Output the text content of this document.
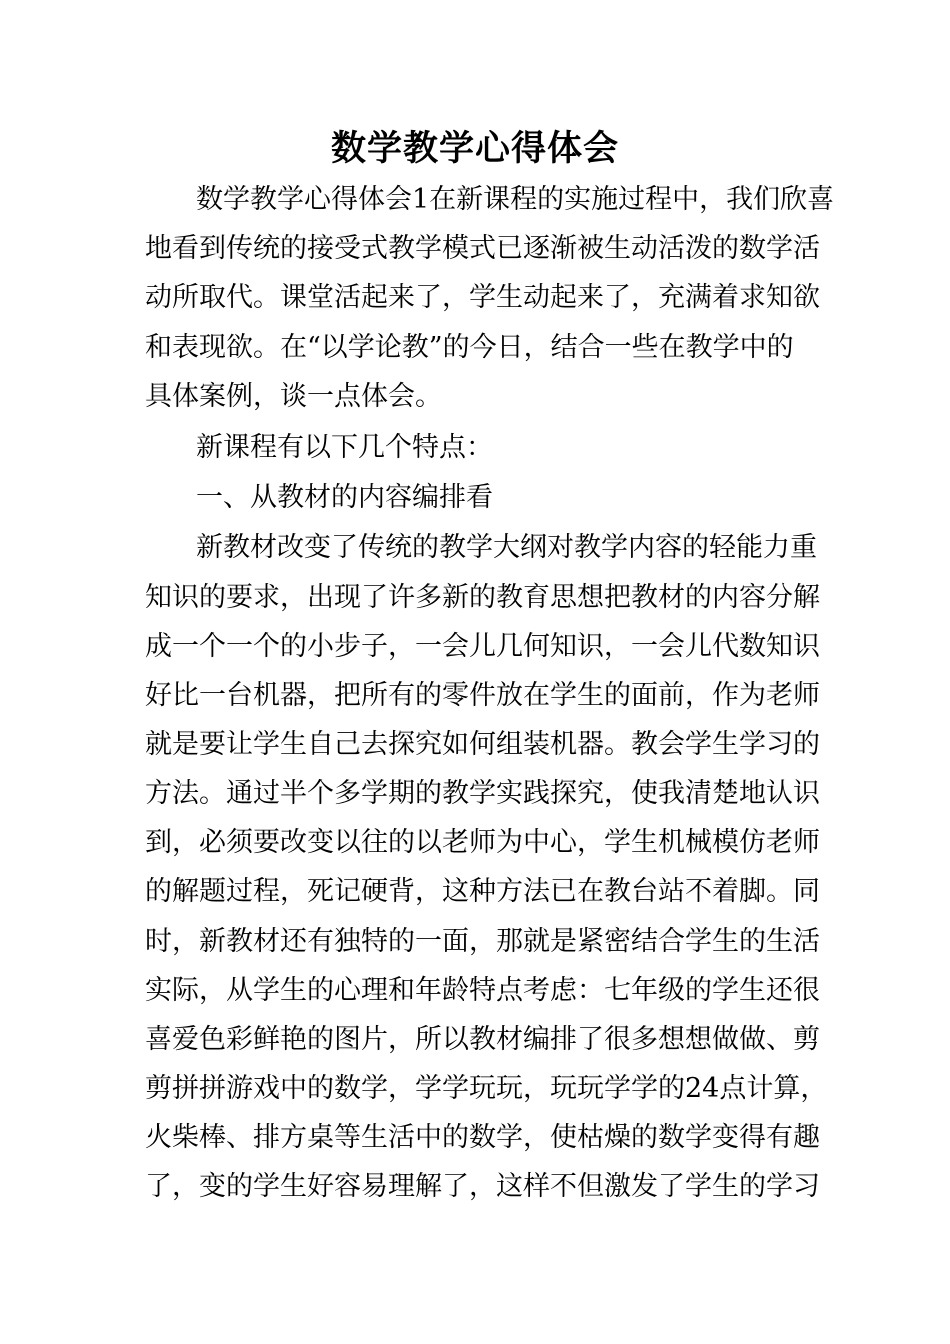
数学教学心得体会
数学教学心得体会1在新课程的实施过程中，我们欣喜
地看到传统的接受式教学模式已逐渐被生动活泼的数学活
动所取代。课堂活起来了，学生动起来了，充满着求知欲
和表现欲。在“以学论教”的今日，结合一些在教学中的
具体案例，谈一点体会。
新课程有以下几个特点：
一、从教材的内容编排看
新教材改变了传统的教学大纲对教学内容的轻能力重
知识的要求，出现了许多新的教育思想把教材的内容分解
成一个一个的小步子，一会儿几何知识，一会儿代数知识
好比一台机器，把所有的零件放在学生的面前，作为老师
就是要让学生自己去探究如何组装机器。教会学生学习的
方法。通过半个多学期的教学实践探究，使我清楚地认识
到，必须要改变以往的以老师为中心，学生机械模仿老师
的解题过程，死记硬背，这种方法已在教台站不着脚。同
时，新教材还有独特的一面，那就是紧密结合学生的生活
实际，从学生的心理和年龄特点考虑：七年级的学生还很
喜爱色彩鲜艳的图片，所以教材编排了很多想想做做、剪
剪拼拼游戏中的数学，学学玩玩，玩玩学学的24点计算，
火柴棒、排方桌等生活中的数学，使枯燥的数学变得有趣
了，变的学生好容易理解了，这样不但激发了学生的学习
